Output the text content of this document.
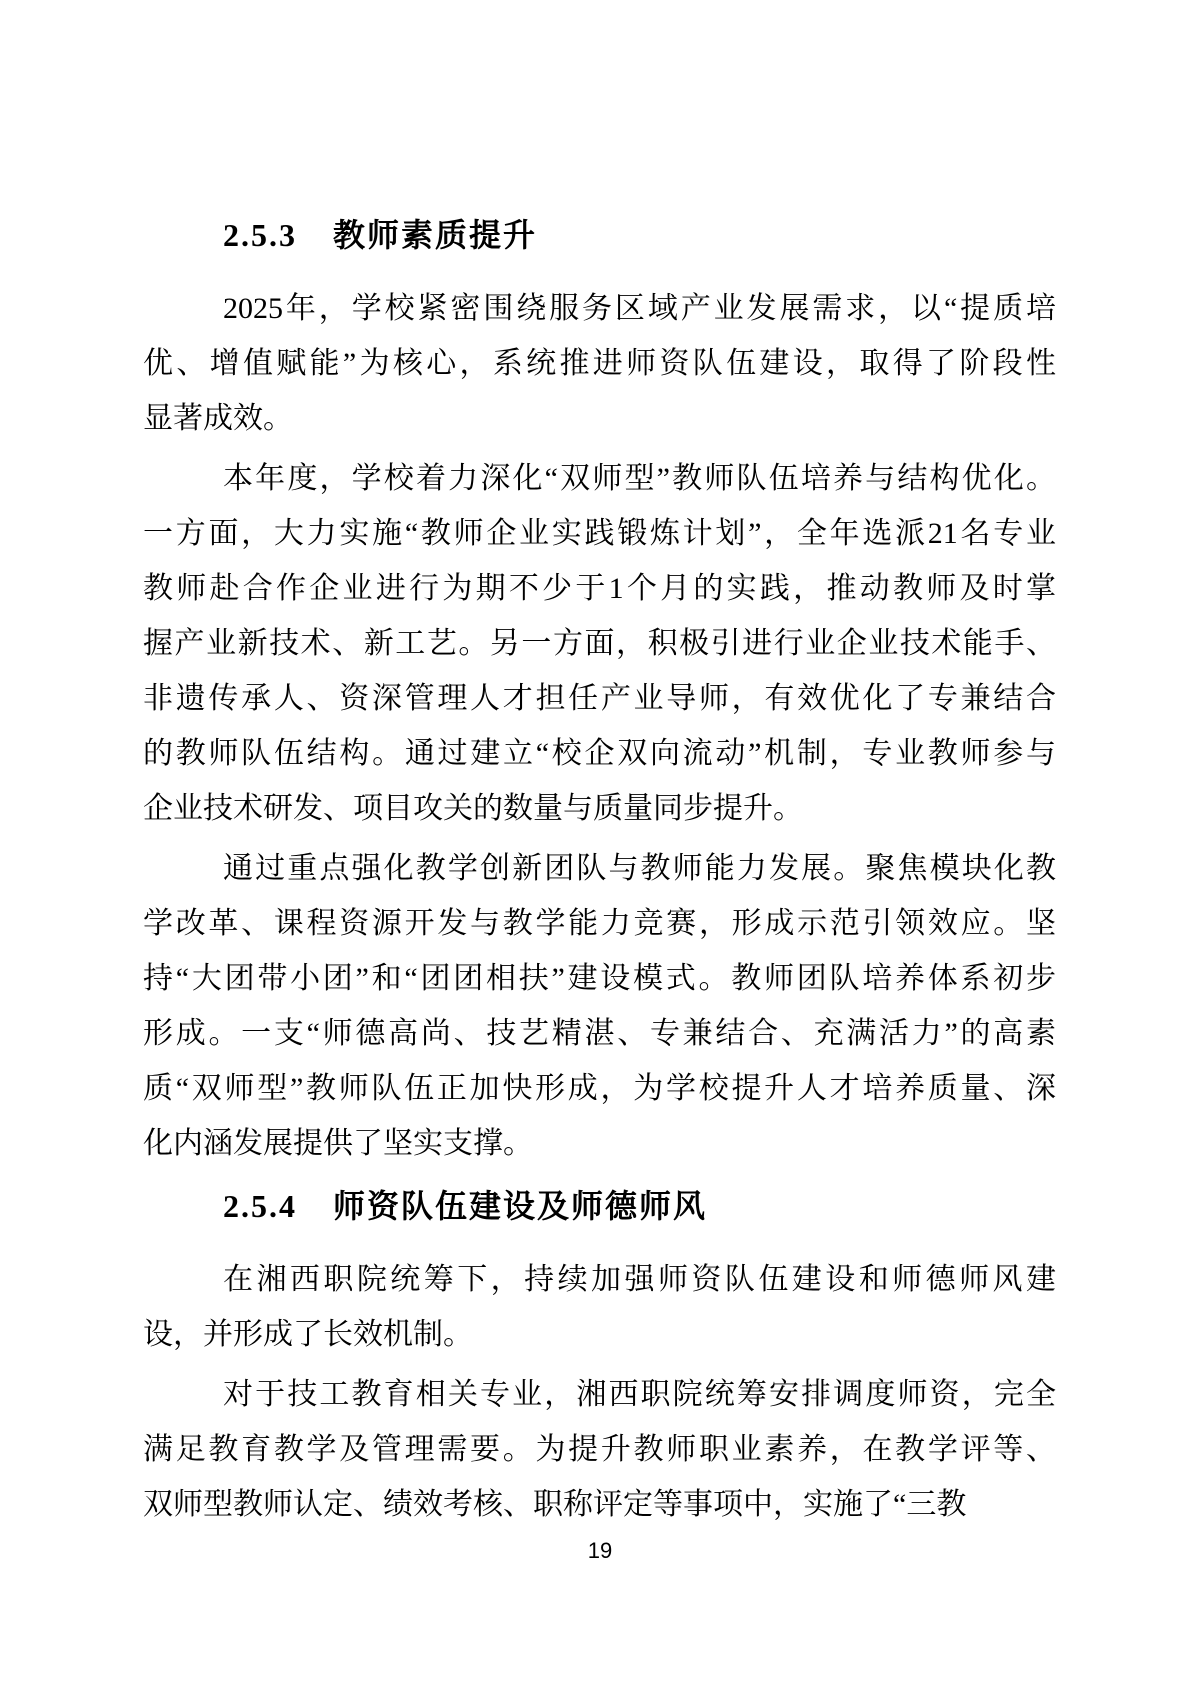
2.5.3 教师素质提升
2025年，学校紧密围绕服务区域产业发展需求，以“提质培
优、增值赋能”为核心，系统推进师资队伍建设，取得了阶段性
显著成效。
本年度，学校着力深化“双师型”教师队伍培养与结构优化。
一方面，大力实施“教师企业实践锻炼计划”，全年选派21名专业
教师赴合作企业进行为期不少于1个月的实践，推动教师及时掌
握产业新技术、新工艺。另一方面，积极引进行业企业技术能手、
非遗传承人、资深管理人才担任产业导师，有效优化了专兼结合
的教师队伍结构。通过建立“校企双向流动”机制，专业教师参与
企业技术研发、项目攻关的数量与质量同步提升。
通过重点强化教学创新团队与教师能力发展。聚焦模块化教
学改革、课程资源开发与教学能力竞赛，形成示范引领效应。坚
持“大团带小团”和“团团相扶”建设模式。教师团队培养体系初步
形成。一支“师德高尚、技艺精湛、专兼结合、充满活力”的高素
质“双师型”教师队伍正加快形成，为学校提升人才培养质量、深
化内涵发展提供了坚实支撑。
2.5.4 师资队伍建设及师德师风
在湘西职院统筹下，持续加强师资队伍建设和师德师风建
设，并形成了长效机制。
对于技工教育相关专业，湘西职院统筹安排调度师资，完全
满足教育教学及管理需要。为提升教师职业素养，在教学评等、
双师型教师认定、绩效考核、职称评定等事项中，实施了“三教
19
